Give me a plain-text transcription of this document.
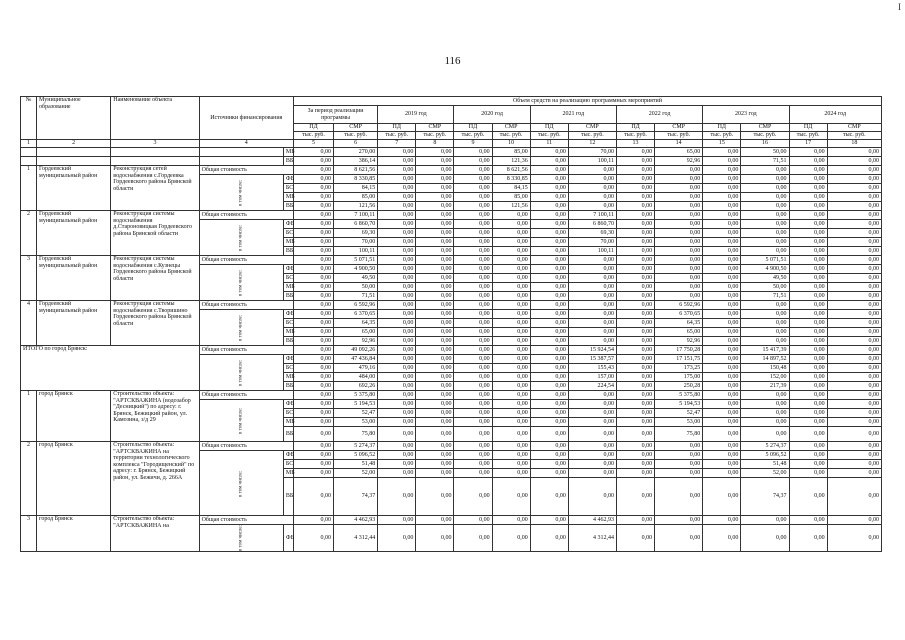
I
116
№	Муниципальное образование	Наименование объекта	Источники финансирования		Объем средств на реализацию программных мероприятий													
					За период реализации программы		2019 год		2020 год		2021 год		2022 год		2023 год		2024 год	
					ПД	СМР	ПД	СМР	ПД	СМР	ПД	СМР	ПД	СМР	ПД	СМР	ПД	СМР
					тыс. руб.	тыс. руб.	тыс. руб.	тыс. руб.	тыс. руб.	тыс. руб.	тыс. руб.	тыс. руб.	тыс. руб.	тыс. руб.	тыс. руб.	тыс. руб.	тыс. руб.	тыс. руб.
1	2	3	4		5	6	7	8	9	10	11	12	13	14	15	16	17	18
				МБ	0,00	270,00	0,00	0,00	0,00	85,00	0,00	70,00	0,00	65,00	0,00	50,00	0,00	0,00
				ВБ	0,00	386,14	0,00	0,00	0,00	121,36	0,00	100,11	0,00	92,96	0,00	71,51	0,00	0,00
1	Гордеевский муниципальный район	Реконструкция сетей водоснабжения с.Гордеевка Гордеевского района Брянской области	Общая стоимость		0,00	8 621,56	0,00	0,00	0,00	8 621,56	0,00	0,00	0,00	0,00	0,00	0,00	0,00	0,00
			в том числе:	ФБ	0,00	8 330,85	0,00	0,00	0,00	8 330,85	0,00	0,00	0,00	0,00	0,00	0,00	0,00	0,00
				БС	0,00	84,15	0,00	0,00	0,00	84,15	0,00	0,00	0,00	0,00	0,00	0,00	0,00	0,00
				МБ	0,00	85,00	0,00	0,00	0,00	85,00	0,00	0,00	0,00	0,00	0,00	0,00	0,00	0,00
				ВБ	0,00	121,56	0,00	0,00	0,00	121,56	0,00	0,00	0,00	0,00	0,00	0,00	0,00	0,00
2	Гордеевский муниципальный район	Реконструкция системы водоснабжения д.Староновицкая Гордеевского района Брянской области	Общая стоимость		0,00	7 100,11	0,00	0,00	0,00	0,00	0,00	7 100,11	0,00	0,00	0,00	0,00	0,00	0,00
			в том числе:	ФБ	0,00	6 860,70	0,00	0,00	0,00	0,00	0,00	6 860,70	0,00	0,00	0,00	0,00	0,00	0,00
				БС	0,00	69,30	0,00	0,00	0,00	0,00	0,00	69,30	0,00	0,00	0,00	0,00	0,00	0,00
				МБ	0,00	70,00	0,00	0,00	0,00	0,00	0,00	70,00	0,00	0,00	0,00	0,00	0,00	0,00
				ВБ	0,00	100,11	0,00	0,00	0,00	0,00	0,00	100,11	0,00	0,00	0,00	0,00	0,00	0,00
3	Гордеевский муниципальный район	Реконструкция системы водоснабжения с.Кузнецы Гордеевского района Брянской области	Общая стоимость		0,00	5 071,51	0,00	0,00	0,00	0,00	0,00	0,00	0,00	0,00	0,00	5 071,51	0,00	0,00
			в том числе:	ФБ	0,00	4 900,50	0,00	0,00	0,00	0,00	0,00	0,00	0,00	0,00	0,00	4 900,50	0,00	0,00
				БС	0,00	49,50	0,00	0,00	0,00	0,00	0,00	0,00	0,00	0,00	0,00	49,50	0,00	0,00
				МБ	0,00	50,00	0,00	0,00	0,00	0,00	0,00	0,00	0,00	0,00	0,00	50,00	0,00	0,00
				ВБ	0,00	71,51	0,00	0,00	0,00	0,00	0,00	0,00	0,00	0,00	0,00	71,51	0,00	0,00
4	Гордеевский муниципальный район	Реконструкция системы водоснабжения с.Творишино Гордеевского района Брянской области	Общая стоимость		0,00	6 592,96	0,00	0,00	0,00	0,00	0,00	0,00	0,00	6 592,96	0,00	0,00	0,00	0,00
			в том числе:	ФБ	0,00	6 370,65	0,00	0,00	0,00	0,00	0,00	0,00	0,00	6 370,65	0,00	0,00	0,00	0,00
				БС	0,00	64,35	0,00	0,00	0,00	0,00	0,00	0,00	0,00	64,35	0,00	0,00	0,00	0,00
				МБ	0,00	65,00	0,00	0,00	0,00	0,00	0,00	0,00	0,00	65,00	0,00	0,00	0,00	0,00
				ВБ	0,00	92,96	0,00	0,00	0,00	0,00	0,00	0,00	0,00	92,96	0,00	0,00	0,00	0,00
ИТОГО по город Брянск:			Общая стоимость		0,00	49 092,26	0,00	0,00	0,00	0,00	0,00	15 924,54	0,00	17 750,28	0,00	15 417,39	0,00	0,00
			в том числе:	ФБ	0,00	47 436,84	0,00	0,00	0,00	0,00	0,00	15 387,57	0,00	17 151,75	0,00	14 897,52	0,00	0,00
				БС	0,00	479,16	0,00	0,00	0,00	0,00	0,00	155,43	0,00	173,25	0,00	150,48	0,00	0,00
				МБ	0,00	484,00	0,00	0,00	0,00	0,00	0,00	157,00	0,00	175,00	0,00	152,00	0,00	0,00
				ВБ	0,00	692,26	0,00	0,00	0,00	0,00	0,00	224,54	0,00	250,28	0,00	217,39	0,00	0,00
1	город Брянск	Строительство объекта: "АРТСКВАЖИНА (водозабор "Десницкий") по адресу: г. Брянск, Бежицкий район, ул. Камозина, з/д 29	Общая стоимость		0,00	5 375,80	0,00	0,00	0,00	0,00	0,00	0,00	0,00	5 375,80	0,00	0,00	0,00	0,00
			в том числе:	ФБ	0,00	5 194,53	0,00	0,00	0,00	0,00	0,00	0,00	0,00	5 194,53	0,00	0,00	0,00	0,00
				БС	0,00	52,47	0,00	0,00	0,00	0,00	0,00	0,00	0,00	52,47	0,00	0,00	0,00	0,00
				МБ	0,00	53,00	0,00	0,00	0,00	0,00	0,00	0,00	0,00	53,00	0,00	0,00	0,00	0,00
				ВБ	0,00	75,80	0,00	0,00	0,00	0,00	0,00	0,00	0,00	75,80	0,00	0,00	0,00	0,00
2	город Брянск	Строительство объекта: "АРТСКВАЖИНА на территории технологического комплекса "Городищенский" по адресу: г. Брянск, Бежицкий район, ул. Бежичи, д. 266А	Общая стоимость		0,00	5 274,37	0,00	0,00	0,00	0,00	0,00	0,00	0,00	0,00	0,00	5 274,37	0,00	0,00
			в том числе:	ФБ	0,00	5 096,52	0,00	0,00	0,00	0,00	0,00	0,00	0,00	0,00	0,00	5 096,52	0,00	0,00
				БС	0,00	51,48	0,00	0,00	0,00	0,00	0,00	0,00	0,00	0,00	0,00	51,48	0,00	0,00
				МБ	0,00	52,00	0,00	0,00	0,00	0,00	0,00	0,00	0,00	0,00	0,00	52,00	0,00	0,00
				ВБ	0,00	74,37	0,00	0,00	0,00	0,00	0,00	0,00	0,00	0,00	0,00	74,37	0,00	0,00
3	город Брянск	Строительство объекта: "АРТСКВАЖИНА на	Общая стоимость		0,00	4 462,93	0,00	0,00	0,00	0,00	0,00	4 462,93	0,00	0,00	0,00	0,00	0,00	0,00
			в том числе:	ФБ	0,00	4 312,44	0,00	0,00	0,00	0,00	0,00	4 312,44	0,00	0,00	0,00	0,00	0,00	0,00
